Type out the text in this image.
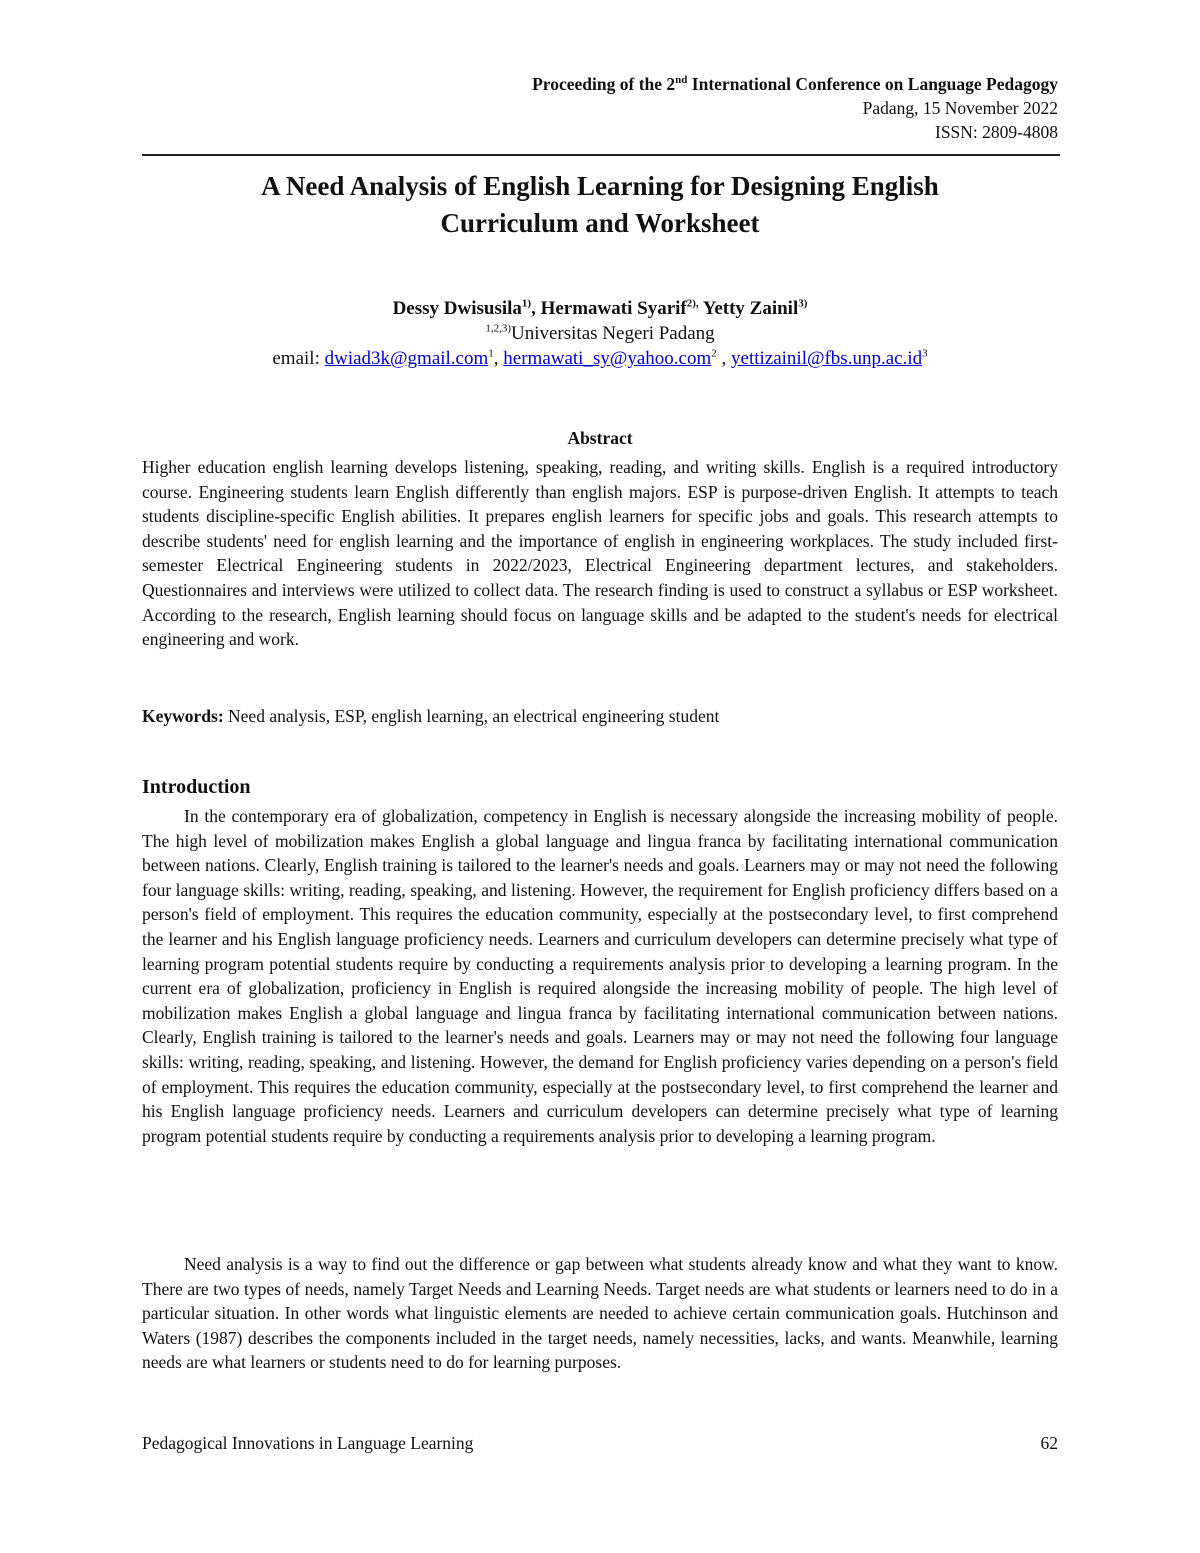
Proceeding of the 2nd International Conference on Language Pedagogy
Padang, 15 November 2022
ISSN: 2809-4808
A Need Analysis of English Learning for Designing English
Curriculum and Worksheet
Dessy Dwisusila$^{1)}$, Hermawati Syarif$^{2),}$ Yetty Zainil$^{3)}$
$^{1,2,3)}$Universitas Negeri Padang
email: dwiad3k@gmail.com$^1$, hermawati_sy@yahoo.com$^2$ , $yettizainil@fbs.unp.ac.id^3$
Abstract

Higher education english learning develops listening, speaking, reading, and writing skills. English is a required introductory course. Engineering students learn English differently than english majors. ESP is purpose-driven English. It attempts to teach students discipline-specific English abilities. It prepares english learners for specific jobs and goals. This research attempts to describe students' need for english learning and the importance of english in engineering workplaces. The study included first-semester Electrical Engineering students in 2022/2023, Electrical Engineering department lectures, and stakeholders. Questionnaires and interviews were utilized to collect data. The research finding is used to construct a syllabus or ESP worksheet. According to the research, English learning should focus on language skills and be adapted to the student's needs for electrical engineering and work.

Keywords: Need analysis, ESP, english learning, an electrical engineering student
Introduction

In the contemporary era of globalization, competency in English is necessary alongside the increasing mobility of people. The high level of mobilization makes English a global language and lingua franca by facilitating international communication between nations. Clearly, English training is tailored to the learner's needs and goals. Learners may or may not need the following four language skills: writing, reading, speaking, and listening. However, the requirement for English proficiency differs based on a person's field of employment. This requires the education community, especially at the postsecondary level, to first comprehend the learner and his English language proficiency needs. Learners and curriculum developers can determine precisely what type of learning program potential students require by conducting a requirements analysis prior to developing a learning program. In the current era of globalization, proficiency in English is required alongside the increasing mobility of people. The high level of mobilization makes English a global language and lingua franca by facilitating international communication between nations. Clearly, English training is tailored to the learner's needs and goals. Learners may or may not need the following four language skills: writing, reading, speaking, and listening. However, the demand for English proficiency varies depending on a person's field of employment. This requires the education community, especially at the postsecondary level, to first comprehend the learner and his English language proficiency needs. Learners and curriculum developers can determine precisely what type of learning program potential students require by conducting a requirements analysis prior to developing a learning program.

Need analysis is a way to find out the difference or gap between what students already know and what they want to know. There are two types of needs, namely Target Needs and Learning Needs. Target needs are what students or learners need to do in a particular situation. In other words what linguistic elements are needed to achieve certain communication goals. Hutchinson and Waters (1987) describes the components included in the target needs, namely necessities, lacks, and wants. Meanwhile, learning needs are what learners or students need to do for learning purposes.

Pedagogical Innovations in Language Learning	62
